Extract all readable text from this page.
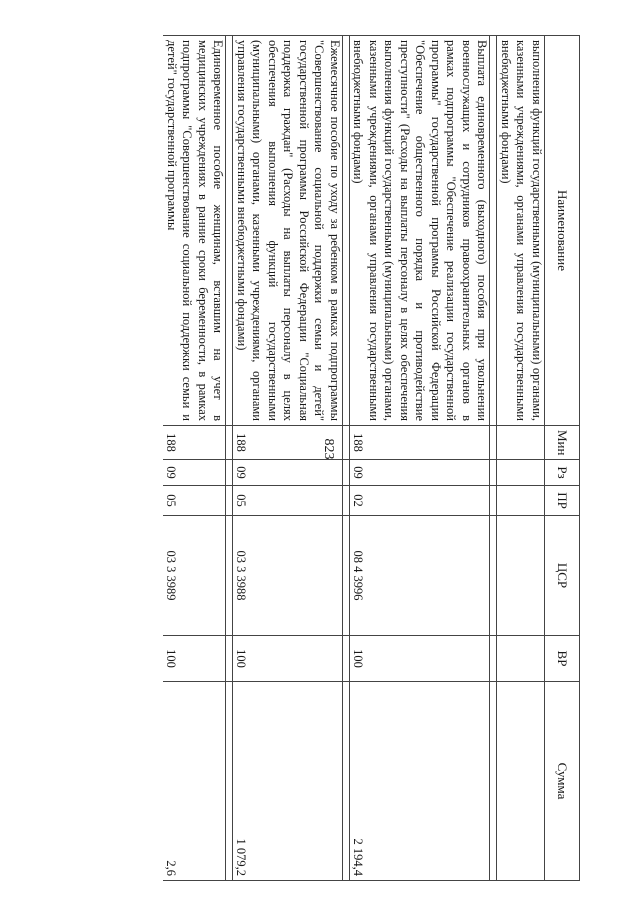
823
Наименование	Мин	Рз	ПР	ЦСР	ВР	Сумма
выполнения функций государственными (муниципальными) органами, казенными учреждениями, органами управления государственными внебюджетными фондами)						

Выплата единовременного (выходного) пособия при увольнении военнослужащих и сотрудников правоохранительных органов в рамках подпрограммы "Обеспечение реализации государственной программы" государственной программы Российской Федерации "Обеспечение общественного порядка и противодействие преступности" (Расходы на выплаты персоналу в целях обеспечения выполнения функций государственными (муниципальными) органами, казенными учреждениями, органами управления государственными внебюджетными фондами)	188	09	02	08 4 3996	100	2 194,4

Ежемесячное пособие по уходу за ребенком в рамках подпрограммы "Совершенствование социальной поддержки семьи и детей" государственной программы Российской Федерации "Социальная поддержка граждан" (Расходы на выплаты персоналу в целях обеспечения выполнения функций государственными (муниципальными) органами, казенными учреждениями, органами управления государственными внебюджетными фондами)	188	09	05	03 3 3988	100	1 079,2

Единовременное пособие женщинам, вставшим на учет в медицинских учреждениях в ранние сроки беременности, в рамках подпрограммы "Совершенствование социальной поддержки семьи и детей" государственной программы	188	09	05	03 3 3989	100	2,6
